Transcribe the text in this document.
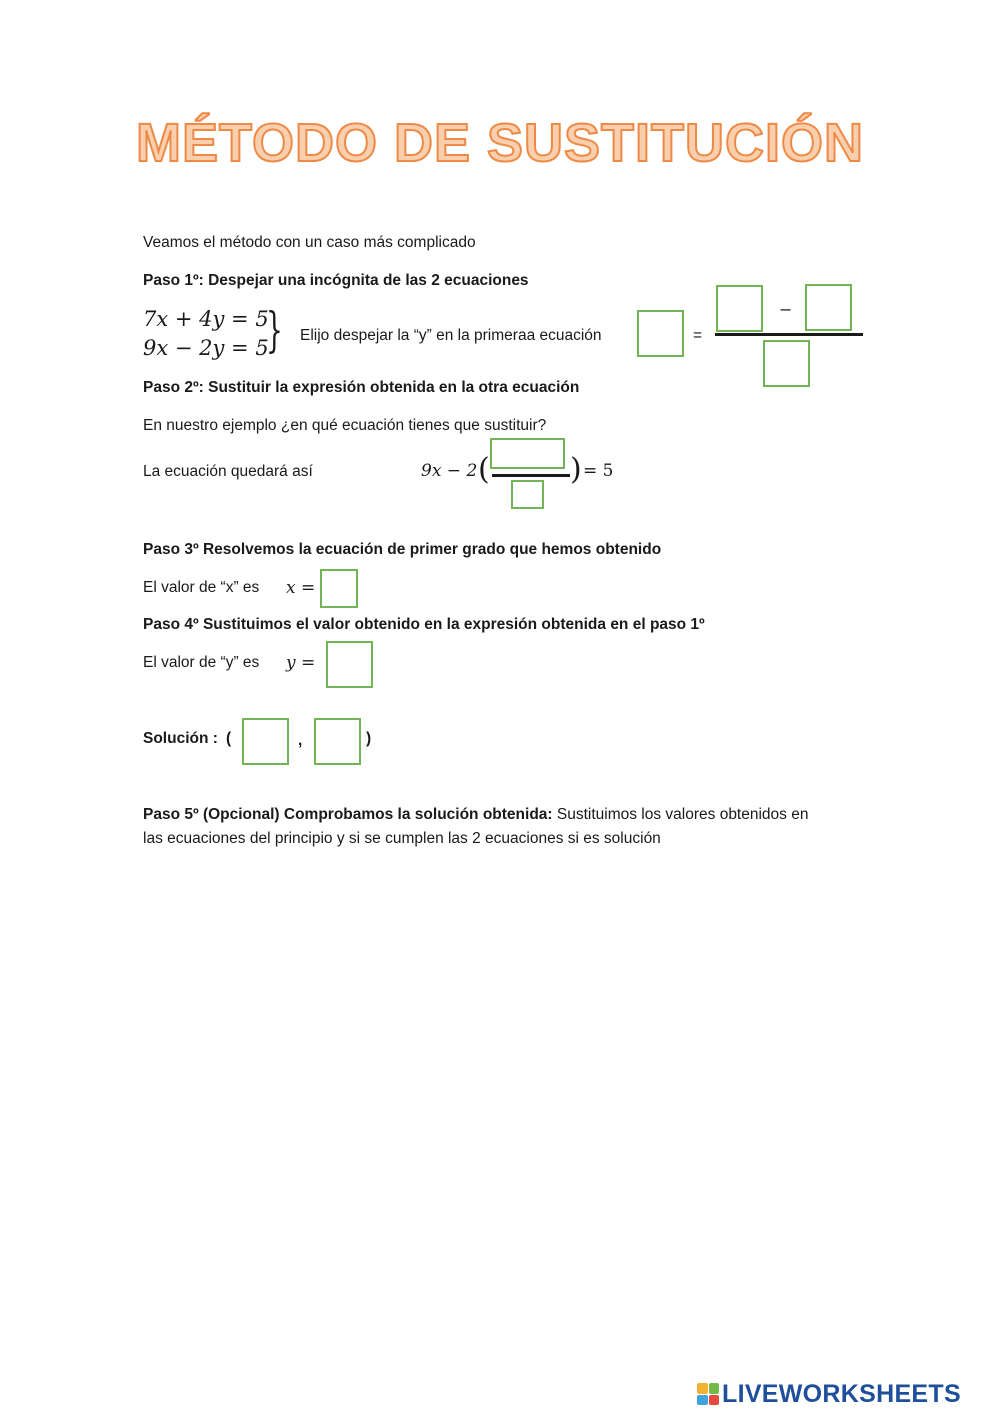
MÉTODO DE SUSTITUCIÓN
Veamos el método con un caso más complicado
Paso 1º: Despejar una incógnita de las 2 ecuaciones
7x + 4y = 5
9x − 2y = 5
} Elijo despejar la “y” en la primeraa ecuación	=
−
Paso 2º: Sustituir la expresión obtenida en la otra ecuación
En nuestro ejemplo ¿en qué ecuación tienes que sustituir?
La ecuación quedará así	9x − 2 (	) = 5
Paso 3º Resolvemos la ecuación de primer grado que hemos obtenido
El valor de “x” es x =
Paso 4º Sustituimos el valor obtenido en la expresión obtenida en el paso 1º
El valor de “y” es y =
Solución : (	,	)
Paso 5º (Opcional) Comprobamos la solución obtenida: Sustituimos los valores obtenidos en
las ecuaciones del principio y si se cumplen las 2 ecuaciones si es solución
LIVEWORKSHEETS
